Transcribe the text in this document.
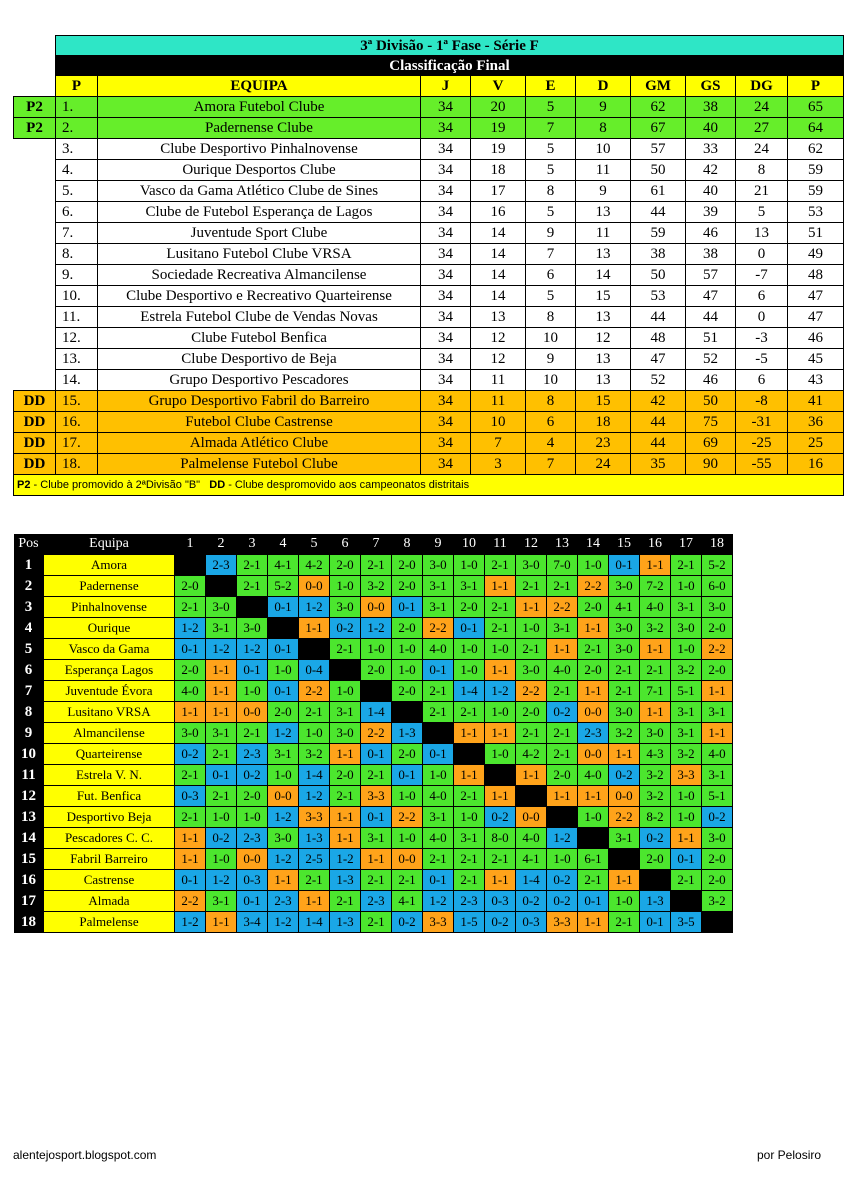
	3ª Divisão - 1ª Fase - Série F									
	Classificação Final									
	P	EQUIPA	J	V	E	D	GM	GS	DG	P
P2	1.	Amora Futebol Clube	34	20	5	9	62	38	24	65
P2	2.	Padernense Clube	34	19	7	8	67	40	27	64
	3.	Clube Desportivo Pinhalnovense	34	19	5	10	57	33	24	62
	4.	Ourique Desportos Clube	34	18	5	11	50	42	8	59
	5.	Vasco da Gama Atlético Clube de Sines	34	17	8	9	61	40	21	59
	6.	Clube de Futebol Esperança de Lagos	34	16	5	13	44	39	5	53
	7.	Juventude Sport Clube	34	14	9	11	59	46	13	51
	8.	Lusitano Futebol Clube VRSA	34	14	7	13	38	38	0	49
	9.	Sociedade Recreativa Almancilense	34	14	6	14	50	57	-7	48
	10.	Clube Desportivo e Recreativo Quarteirense	34	14	5	15	53	47	6	47
	11.	Estrela Futebol Clube de Vendas Novas	34	13	8	13	44	44	0	47
	12.	Clube Futebol Benfica	34	12	10	12	48	51	-3	46
	13.	Clube Desportivo de Beja	34	12	9	13	47	52	-5	45
	14.	Grupo Desportivo Pescadores	34	11	10	13	52	46	6	43
DD	15.	Grupo Desportivo Fabril do Barreiro	34	11	8	15	42	50	-8	41
DD	16.	Futebol Clube Castrense	34	10	6	18	44	75	-31	36
DD	17.	Almada Atlético Clube	34	7	4	23	44	69	-25	25
DD	18.	Palmelense Futebol Clube	34	3	7	24	35	90	-55	16
P2 - Clube promovido à 2ªDivisão "B" DD - Clube despromovido aos campeonatos distritais										
Pos	Equipa	1	2	3	4	5	6	7	8	9	10	11	12	13	14	15	16	17	18
1	Amora		2-3	2-1	4-1	4-2	2-0	2-1	2-0	3-0	1-0	2-1	3-0	7-0	1-0	0-1	1-1	2-1	5-2
2	Padernense	2-0		2-1	5-2	0-0	1-0	3-2	2-0	3-1	3-1	1-1	2-1	2-1	2-2	3-0	7-2	1-0	6-0
3	Pinhalnovense	2-1	3-0		0-1	1-2	3-0	0-0	0-1	3-1	2-0	2-1	1-1	2-2	2-0	4-1	4-0	3-1	3-0
4	Ourique	1-2	3-1	3-0		1-1	0-2	1-2	2-0	2-2	0-1	2-1	1-0	3-1	1-1	3-0	3-2	3-0	2-0
5	Vasco da Gama	0-1	1-2	1-2	0-1		2-1	1-0	1-0	4-0	1-0	1-0	2-1	1-1	2-1	3-0	1-1	1-0	2-2
6	Esperança Lagos	2-0	1-1	0-1	1-0	0-4		2-0	1-0	0-1	1-0	1-1	3-0	4-0	2-0	2-1	2-1	3-2	2-0
7	Juventude Évora	4-0	1-1	1-0	0-1	2-2	1-0		2-0	2-1	1-4	1-2	2-2	2-1	1-1	2-1	7-1	5-1	1-1
8	Lusitano VRSA	1-1	1-1	0-0	2-0	2-1	3-1	1-4		2-1	2-1	1-0	2-0	0-2	0-0	3-0	1-1	3-1	3-1
9	Almancilense	3-0	3-1	2-1	1-2	1-0	3-0	2-2	1-3		1-1	1-1	2-1	2-1	2-3	3-2	3-0	3-1	1-1
10	Quarteirense	0-2	2-1	2-3	3-1	3-2	1-1	0-1	2-0	0-1		1-0	4-2	2-1	0-0	1-1	4-3	3-2	4-0
11	Estrela V. N.	2-1	0-1	0-2	1-0	1-4	2-0	2-1	0-1	1-0	1-1		1-1	2-0	4-0	0-2	3-2	3-3	3-1
12	Fut. Benfica	0-3	2-1	2-0	0-0	1-2	2-1	3-3	1-0	4-0	2-1	1-1		1-1	1-1	0-0	3-2	1-0	5-1
13	Desportivo Beja	2-1	1-0	1-0	1-2	3-3	1-1	0-1	2-2	3-1	1-0	0-2	0-0		1-0	2-2	8-2	1-0	0-2
14	Pescadores C. C.	1-1	0-2	2-3	3-0	1-3	1-1	3-1	1-0	4-0	3-1	8-0	4-0	1-2		3-1	0-2	1-1	3-0
15	Fabril Barreiro	1-1	1-0	0-0	1-2	2-5	1-2	1-1	0-0	2-1	2-1	2-1	4-1	1-0	6-1		2-0	0-1	2-0
16	Castrense	0-1	1-2	0-3	1-1	2-1	1-3	2-1	2-1	0-1	2-1	1-1	1-4	0-2	2-1	1-1		2-1	2-0
17	Almada	2-2	3-1	0-1	2-3	1-1	2-1	2-3	4-1	1-2	2-3	0-3	0-2	0-2	0-1	1-0	1-3		3-2
18	Palmelense	1-2	1-1	3-4	1-2	1-4	1-3	2-1	0-2	3-3	1-5	0-2	0-3	3-3	1-1	2-1	0-1	3-5	
alentejosport.blogspot.com	por Pelosiro
